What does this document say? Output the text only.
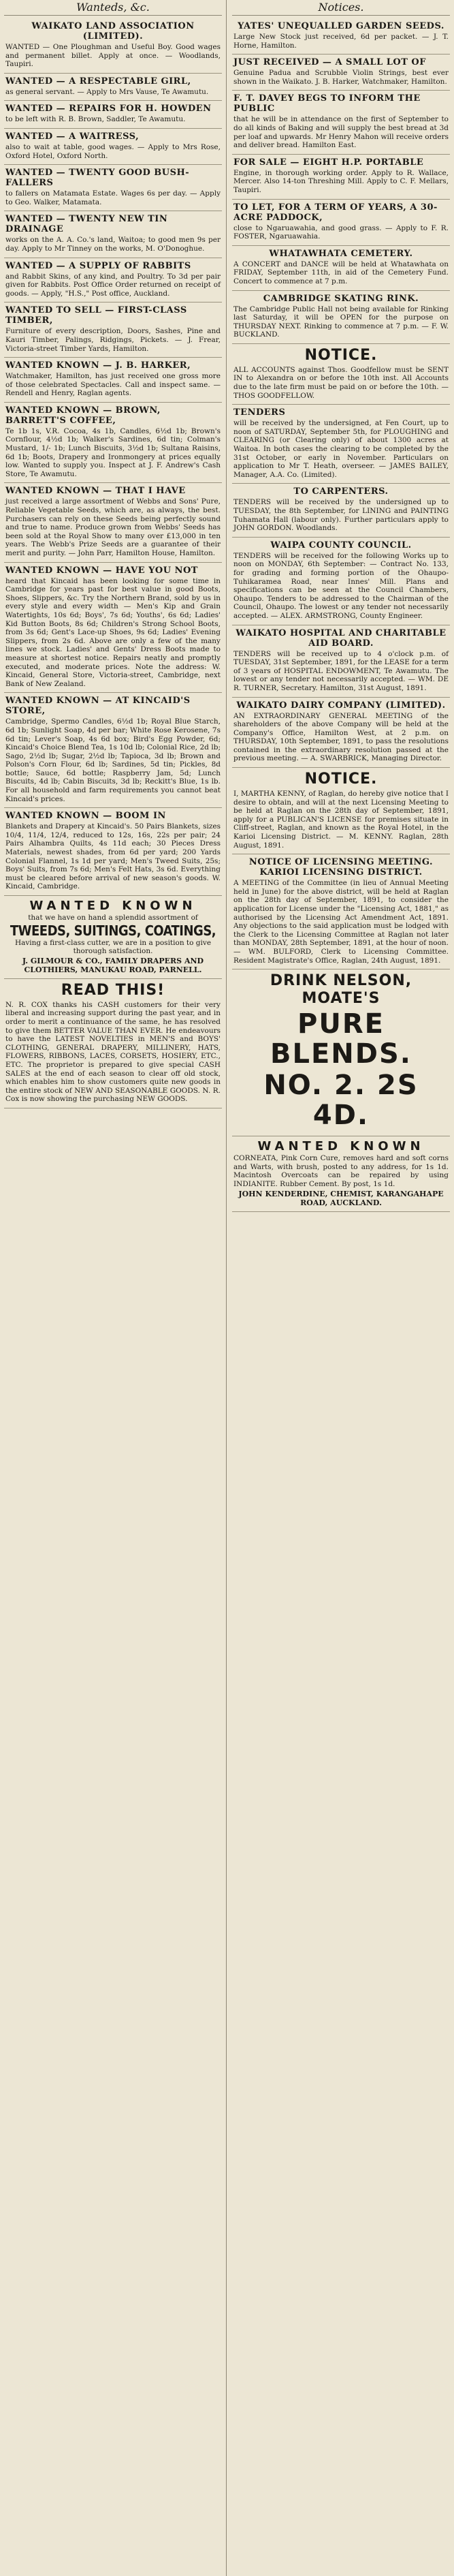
Wanteds, &c.
WAIKATO LAND ASSOCIATION (LIMITED).

WANTED — One Ploughman and Useful Boy. Good wages and permanent billet. Apply at once. — Woodlands, Taupiri.

WANTED — A RESPECTABLE GIRL,

as general servant. — Apply to Mrs Vause, Te Awamutu.

WANTED — REPAIRS FOR H. HOWDEN

to be left with R. B. Brown, Saddler, Te Awamutu.

WANTED — A WAITRESS,

also to wait at table, good wages. — Apply to Mrs Rose, Oxford Hotel, Oxford North.

WANTED — TWENTY GOOD BUSH-FALLERS

to fallers on Matamata Estate. Wages 6s per day. — Apply to Geo. Walker, Matamata.

WANTED — TWENTY NEW TIN DRAINAGE

works on the A. A. Co.'s land, Waitoa; to good men 9s per day. Apply to Mr Tinney on the works, M. O'Donoghue.

WANTED — A SUPPLY OF RABBITS

and Rabbit Skins, of any kind, and Poultry. To 3d per pair given for Rabbits. Post Office Order returned on receipt of goods. — Apply, "H.S.," Post office, Auckland.

WANTED TO SELL — FIRST-CLASS TIMBER,

Furniture of every description, Doors, Sashes, Pine and Kauri Timber, Palings, Ridgings, Pickets. — J. Frear, Victoria-street Timber Yards, Hamilton.

WANTED KNOWN — J. B. HARKER,

Watchmaker, Hamilton, has just received one gross more of those celebrated Spectacles. Call and inspect same. — Rendell and Henry, Raglan agents.

WANTED KNOWN — BROWN, BARRETT'S COFFEE,

Te 1b 1s, V.R. Cocoa, 4s 1b, Candles, 6½d 1b; Brown's Cornflour, 4½d 1b; Walker's Sardines, 6d tin; Colman's Mustard, 1/- 1b; Lunch Biscuits, 3½d 1b; Sultana Raisins, 6d 1b; Boots, Drapery and Ironmongery at prices equally low. Wanted to supply you. Inspect at J. F. Andrew's Cash Store, Te Awamutu.

WANTED KNOWN — THAT I HAVE

just received a large assortment of Webbs and Sons' Pure, Reliable Vegetable Seeds, which are, as always, the best. Purchasers can rely on these Seeds being perfectly sound and true to name. Produce grown from Webbs' Seeds has been sold at the Royal Show to many over £13,000 in ten years. The Webb's Prize Seeds are a guarantee of their merit and purity. — John Parr, Hamilton House, Hamilton.

WANTED KNOWN — HAVE YOU NOT

heard that Kincaid has been looking for some time in Cambridge for years past for best value in good Boots, Shoes, Slippers, &c. Try the Northern Brand, sold by us in every style and every width — Men's Kip and Grain Watertights, 10s 6d; Boys', 7s 6d; Youths', 6s 6d; Ladies' Kid Button Boots, 8s 6d; Children's Strong School Boots, from 3s 6d; Gent's Lace-up Shoes, 9s 6d; Ladies' Evening Slippers, from 2s 6d. Above are only a few of the many lines we stock. Ladies' and Gents' Dress Boots made to measure at shortest notice. Repairs neatly and promptly executed, and moderate prices. Note the address: W. Kincaid, General Store, Victoria-street, Cambridge, next Bank of New Zealand.

WANTED KNOWN — AT KINCAID'S STORE,

Cambridge, Spermo Candles, 6½d 1b; Royal Blue Starch, 6d 1b; Sunlight Soap, 4d per bar; White Rose Kerosene, 7s 6d tin; Lever's Soap, 4s 6d box; Bird's Egg Powder, 6d; Kincaid's Choice Blend Tea, 1s 10d lb; Colonial Rice, 2d lb; Sago, 2½d lb; Sugar, 2½d lb; Tapioca, 3d lb; Brown and Polson's Corn Flour, 6d lb; Sardines, 5d tin; Pickles, 8d bottle; Sauce, 6d bottle; Raspberry Jam, 5d; Lunch Biscuits, 4d lb; Cabin Biscuits, 3d lb; Reckitt's Blue, 1s lb. For all household and farm requirements you cannot beat Kincaid's prices.

WANTED KNOWN — BOOM IN

Blankets and Drapery at Kincaid's. 50 Pairs Blankets, sizes 10/4, 11/4, 12/4, reduced to 12s, 16s, 22s per pair; 24 Pairs Alhambra Quilts, 4s 11d each; 30 Pieces Dress Materials, newest shades, from 6d per yard; 200 Yards Colonial Flannel, 1s 1d per yard; Men's Tweed Suits, 25s; Boys' Suits, from 7s 6d; Men's Felt Hats, 3s 6d. Everything must be cleared before arrival of new season's goods. W. Kincaid, Cambridge.

WANTED KNOWN

that we have on hand a splendid assortment of

TWEEDS, SUITINGS, COATINGS,

Having a first-class cutter, we are in a position to give thorough satisfaction.

J. GILMOUR & CO., FAMILY DRAPERS AND CLOTHIERS, MANUKAU ROAD, PARNELL.

READ THIS!

N. R. COX thanks his CASH customers for their very liberal and increasing support during the past year, and in order to merit a continuance of the same, he has resolved to give them BETTER VALUE THAN EVER. He endeavours to have the LATEST NOVELTIES in MEN'S and BOYS' CLOTHING, GENERAL DRAPERY, MILLINERY, HATS, FLOWERS, RIBBONS, LACES, CORSETS, HOSIERY, ETC., ETC. The proprietor is prepared to give special CASH SALES at the end of each season to clear off old stock, which enables him to show customers quite new goods in the entire stock of NEW AND SEASONABLE GOODS. N. R. Cox is now showing the purchasing NEW GOODS.

Notices.
YATES' UNEQUALLED GARDEN SEEDS.

Large New Stock just received, 6d per packet. — J. T. Horne, Hamilton.

JUST RECEIVED — A SMALL LOT OF

Genuine Padua and Scrubble Violin Strings, best ever shown in the Waikato. J. B. Harker, Watchmaker, Hamilton.

F. T. DAVEY BEGS TO INFORM THE PUBLIC

that he will be in attendance on the first of September to do all kinds of Baking and will supply the best bread at 3d per loaf and upwards. Mr Henry Mahon will receive orders and deliver bread. Hamilton East.

FOR SALE — EIGHT H.P. PORTABLE

Engine, in thorough working order. Apply to R. Wallace, Mercer. Also 14-ton Threshing Mill. Apply to C. F. Mellars, Taupiri.

TO LET, FOR A TERM OF YEARS, A 30-ACRE PADDOCK,

close to Ngaruawahia, and good grass. — Apply to F. R. FOSTER, Ngaruawahia.

WHATAWHATA CEMETERY.

A CONCERT and DANCE will be held at Whatawhata on FRIDAY, September 11th, in aid of the Cemetery Fund. Concert to commence at 7 p.m.

CAMBRIDGE SKATING RINK.

The Cambridge Public Hall not being available for Rinking last Saturday, it will be OPEN for the purpose on THURSDAY NEXT. Rinking to commence at 7 p.m. — F. W. BUCKLAND.

NOTICE.

ALL ACCOUNTS against Thos. Goodfellow must be SENT IN to Alexandra on or before the 10th inst. All Accounts due to the late firm must be paid on or before the 10th. — THOS GOODFELLOW.

TENDERS

will be received by the undersigned, at Fen Court, up to noon of SATURDAY, September 5th, for PLOUGHING and CLEARING (or Clearing only) of about 1300 acres at Waitoa. In both cases the clearing to be completed by the 31st October, or early in November. Particulars on application to Mr T. Heath, overseer. — JAMES BAILEY, Manager, A.A. Co. (Limited).

TO CARPENTERS.

TENDERS will be received by the undersigned up to TUESDAY, the 8th September, for LINING and PAINTING Tuhamata Hall (labour only). Further particulars apply to JOHN GORDON. Woodlands.

WAIPA COUNTY COUNCIL.

TENDERS will be received for the following Works up to noon on MONDAY, 6th September: — Contract No. 133, for grading and forming portion of the Ohaupo-Tuhikaramea Road, near Innes' Mill. Plans and specifications can be seen at the Council Chambers, Ohaupo. Tenders to be addressed to the Chairman of the Council, Ohaupo. The lowest or any tender not necessarily accepted. — ALEX. ARMSTRONG, County Engineer.

WAIKATO HOSPITAL AND CHARITABLE AID BOARD.

TENDERS will be received up to 4 o'clock p.m. of TUESDAY, 31st September, 1891, for the LEASE for a term of 3 years of HOSPITAL ENDOWMENT, Te Awamutu. The lowest or any tender not necessarily accepted. — WM. DE R. TURNER, Secretary. Hamilton, 31st August, 1891.

WAIKATO DAIRY COMPANY (LIMITED).

AN EXTRAORDINARY GENERAL MEETING of the shareholders of the above Company will be held at the Company's Office, Hamilton West, at 2 p.m. on THURSDAY, 10th September, 1891, to pass the resolutions contained in the extraordinary resolution passed at the previous meeting. — A. SWARBRICK, Managing Director.

NOTICE.

I, MARTHA KENNY, of Raglan, do hereby give notice that I desire to obtain, and will at the next Licensing Meeting to be held at Raglan on the 28th day of September, 1891, apply for a PUBLICAN'S LICENSE for premises situate in Cliff-street, Raglan, and known as the Royal Hotel, in the Karioi Licensing District. — M. KENNY. Raglan, 28th August, 1891.

NOTICE OF LICENSING MEETING. KARIOI LICENSING DISTRICT.

A MEETING of the Committee (in lieu of Annual Meeting held in June) for the above district, will be held at Raglan on the 28th day of September, 1891, to consider the application for License under the "Licensing Act, 1881," as authorised by the Licensing Act Amendment Act, 1891. Any objections to the said application must be lodged with the Clerk to the Licensing Committee at Raglan not later than MONDAY, 28th September, 1891, at the hour of noon. — WM. BULFORD, Clerk to Licensing Committee. Resident Magistrate's Office, Raglan, 24th August, 1891.

DRINK NELSON, MOATE'S
PURE BLENDS.
NO. 2. 2S 4D.
WANTED KNOWN

CORNEATA, Pink Corn Cure, removes hard and soft corns and Warts, with brush, posted to any address, for 1s 1d. Macintosh Overcoats can be repaired by using INDIANITE. Rubber Cement. By post, 1s 1d.

JOHN KENDERDINE, CHEMIST, KARANGAHAPE ROAD, AUCKLAND.
